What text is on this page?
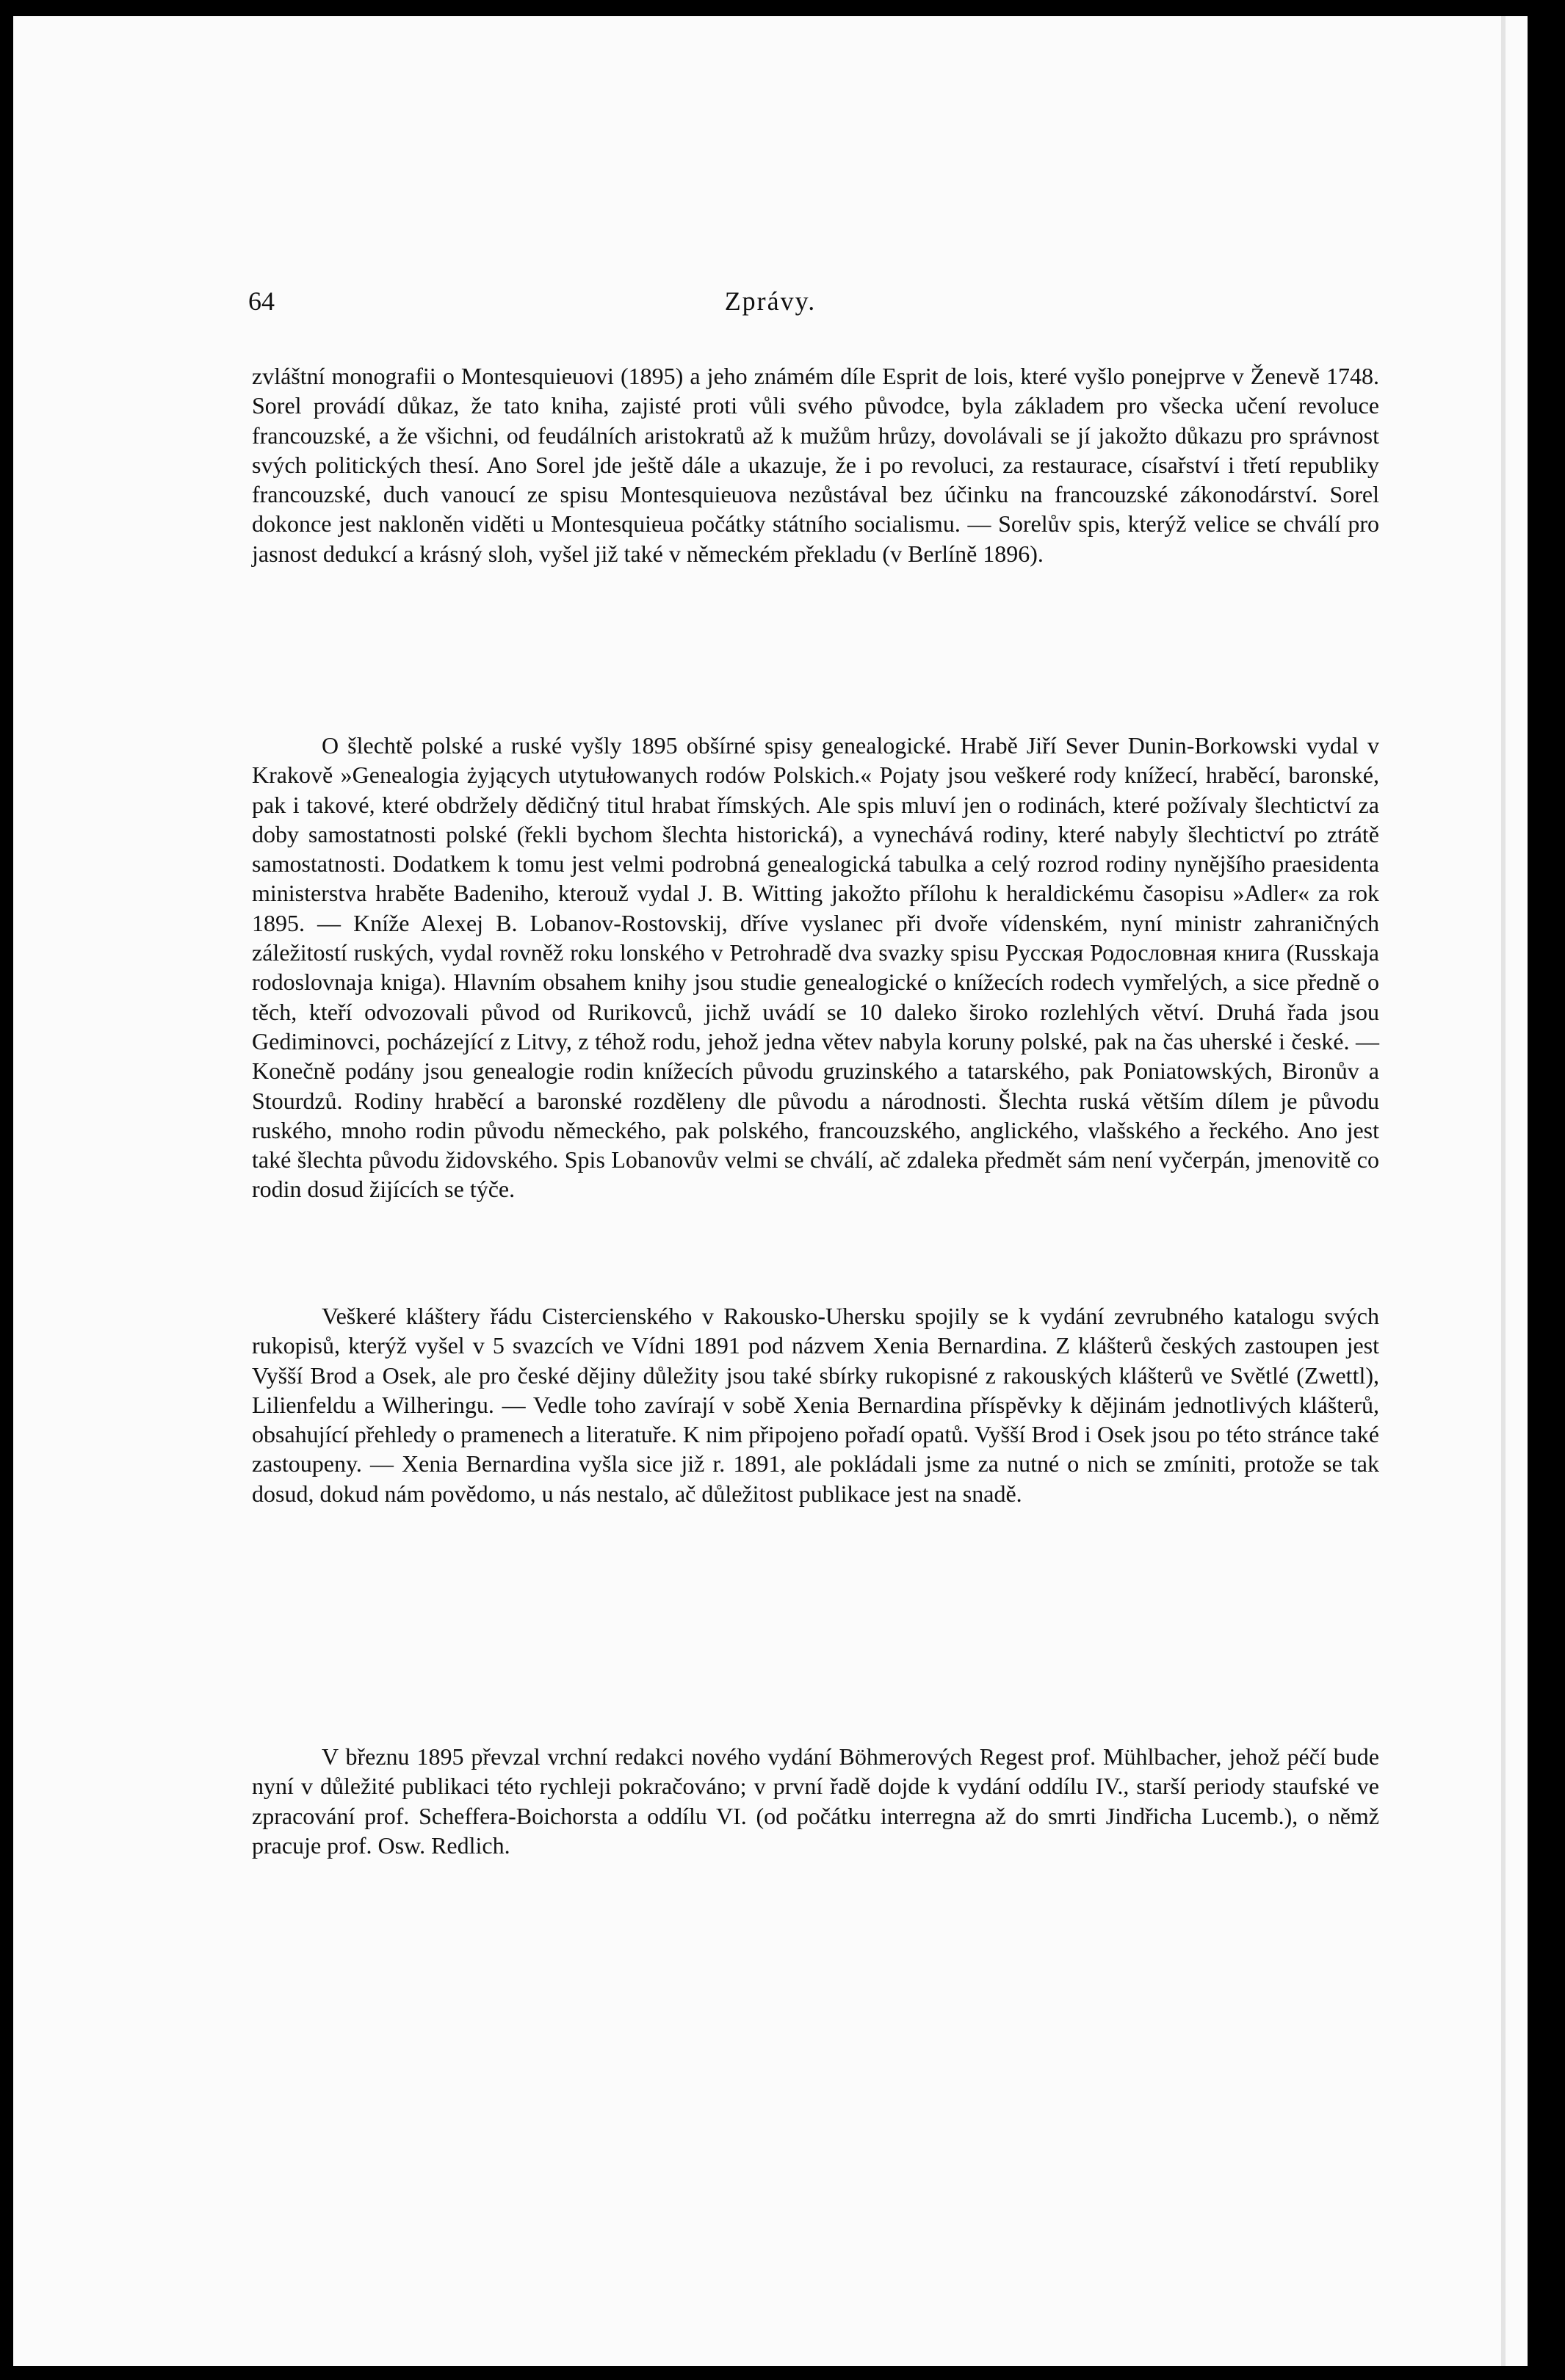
64	Zprávy.

zvláštní monografii o Montesquieuovi (1895) a jeho známém díle Esprit de lois, které vyšlo ponejprve v Ženevě 1748. Sorel provádí důkaz, že tato kniha, zajisté proti vůli svého původce, byla základem pro všecka učení revoluce francouzské, a že všichni, od feudálních aristokratů až k mužům hrůzy, dovolávali se jí jakožto důkazu pro správnost svých politických thesí. Ano Sorel jde ještě dále a ukazuje, že i po revoluci, za restaurace, císařství i třetí republiky francouzské, duch vanoucí ze spisu Montesquieuova nezůstával bez účinku na francouzské zákonodárství. Sorel dokonce jest nakloněn viděti u Montesquieua počátky státního socialismu. — Sorelův spis, kterýž velice se chválí pro jasnost dedukcí a krásný sloh, vyšel již také v německém překladu (v Berlíně 1896).

O šlechtě polské a ruské vyšly 1895 obšírné spisy genealogické. Hrabě Jiří Sever Dunin-Borkowski vydal v Krakově »Genealogia żyjących utytułowanych rodów Polskich.« Pojaty jsou veškeré rody knížecí, hraběcí, baronské, pak i takové, které obdržely dědičný titul hrabat římských. Ale spis mluví jen o rodinách, které požívaly šlechtictví za doby samostatnosti polské (řekli bychom šlechta historická), a vynechává rodiny, které nabyly šlechtictví po ztrátě samostatnosti. Dodatkem k tomu jest velmi podrobná genealogická tabulka a celý rozrod rodiny nynějšího praesidenta ministerstva hraběte Badeniho, kterouž vydal J. B. Witting jakožto přílohu k heraldickému časopisu »Adler« za rok 1895. — Kníže Alexej B. Lobanov-Rostovskij, dříve vyslanec při dvoře vídenském, nyní ministr zahraničných záležitostí ruských, vydal rovněž roku lonského v Petrohradě dva svazky spisu Русская Родословная книга (Russkaja rodoslovnaja kniga). Hlavním obsahem knihy jsou studie genealogické o knížecích rodech vymřelých, a sice předně o těch, kteří odvozovali původ od Rurikovců, jichž uvádí se 10 daleko široko rozlehlých větví. Druhá řada jsou Gediminovci, pocházející z Litvy, z téhož rodu, jehož jedna větev nabyla koruny polské, pak na čas uherské i české. — Konečně podány jsou genealogie rodin knížecích původu gruzinského a tatarského, pak Poniatowských, Bironův a Stourdzů. Rodiny hraběcí a baronské rozděleny dle původu a národnosti. Šlechta ruská větším dílem je původu ruského, mnoho rodin původu německého, pak polského, francouzského, anglického, vlašského a řeckého. Ano jest také šlechta původu židovského. Spis Lobanovův velmi se chválí, ač zdaleka předmět sám není vyčerpán, jmenovitě co rodin dosud žijících se týče.

Veškeré kláštery řádu Cistercienského v Rakousko-Uhersku spojily se k vydání zevrubného katalogu svých rukopisů, kterýž vyšel v 5 svazcích ve Vídni 1891 pod názvem Xenia Bernardina. Z klášterů českých zastoupen jest Vyšší Brod a Osek, ale pro české dějiny důležity jsou také sbírky rukopisné z rakouských klášterů ve Světlé (Zwettl), Lilienfeldu a Wilheringu. — Vedle toho zavírají v sobě Xenia Bernardina příspěvky k dějinám jednotlivých klášterů, obsahující přehledy o pramenech a literatuře. K nim připojeno pořadí opatů. Vyšší Brod i Osek jsou po této stránce také zastoupeny. — Xenia Bernardina vyšla sice již r. 1891, ale pokládali jsme za nutné o nich se zmíniti, protože se tak dosud, dokud nám povědomo, u nás nestalo, ač důležitost publikace jest na snadě.

V březnu 1895 převzal vrchní redakci nového vydání Böhmerových Regest prof. Mühlbacher, jehož péčí bude nyní v důležité publikaci této rychleji pokračováno; v první řadě dojde k vydání oddílu IV., starší periody staufské ve zpracování prof. Scheffera-Boichorsta a oddílu VI. (od počátku interregna až do smrti Jindřicha Lucemb.), o němž pracuje prof. Osw. Redlich.
